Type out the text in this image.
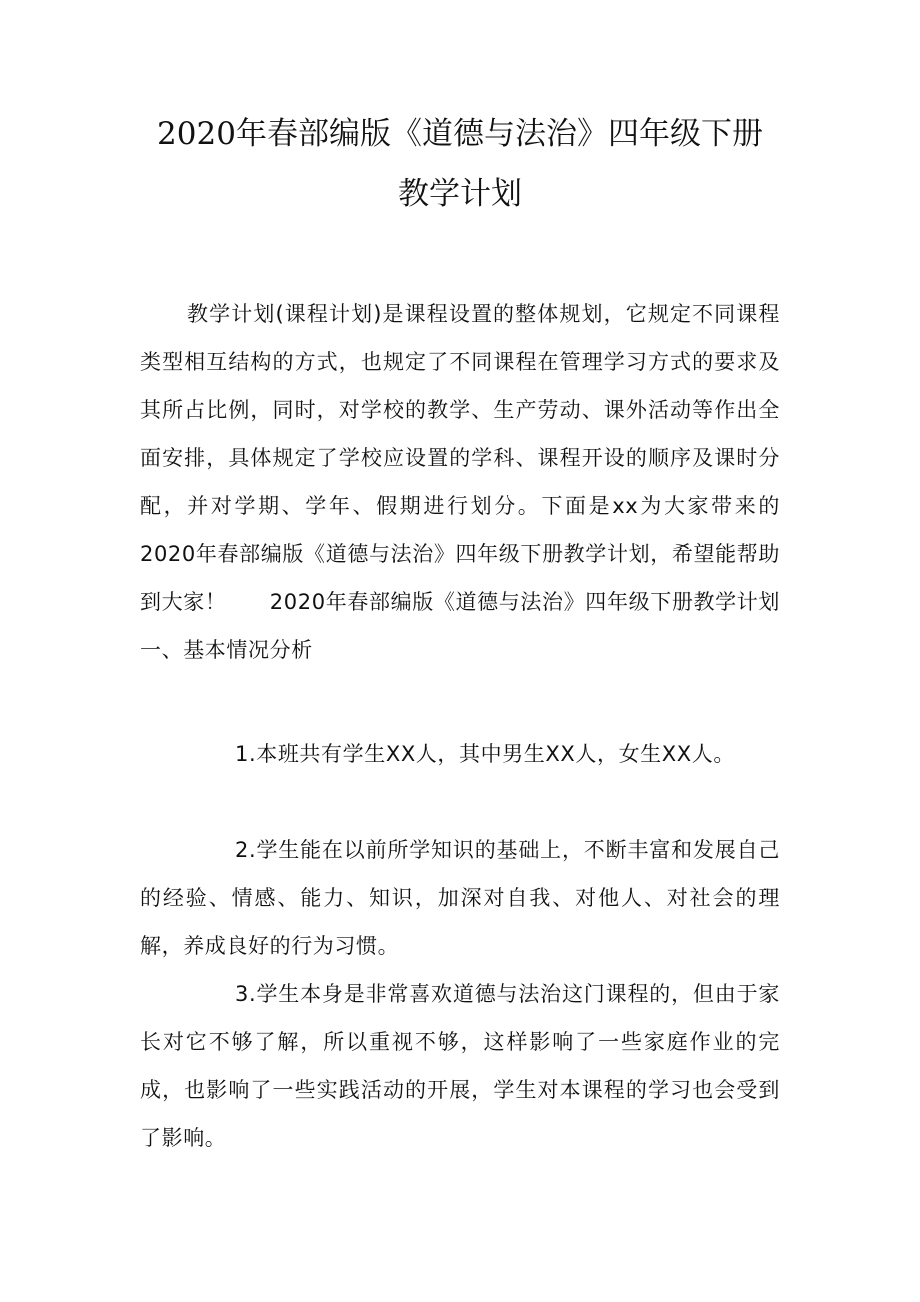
2020年春部编版《道德与法治》四年级下册
教学计划

教学计划(课程计划)是课程设置的整体规划，它规定不同课程类型相互结构的方式，也规定了不同课程在管理学习方式的要求及其所占比例，同时，对学校的教学、生产劳动、课外活动等作出全面安排，具体规定了学校应设置的学科、课程开设的顺序及课时分配，并对学期、学年、假期进行划分。下面是xx为大家带来的2020年春部编版《道德与法治》四年级下册教学计划，希望能帮助到大家！　　2020年春部编版《道德与法治》四年级下册教学计划　　一、基本情况分析

1.本班共有学生XX人，其中男生XX人，女生XX人。

2.学生能在以前所学知识的基础上，不断丰富和发展自己的经验、情感、能力、知识，加深对自我、对他人、对社会的理解，养成良好的行为习惯。

3.学生本身是非常喜欢道德与法治这门课程的，但由于家长对它不够了解，所以重视不够，这样影响了一些家庭作业的完成，也影响了一些实践活动的开展，学生对本课程的学习也会受到了影响。
